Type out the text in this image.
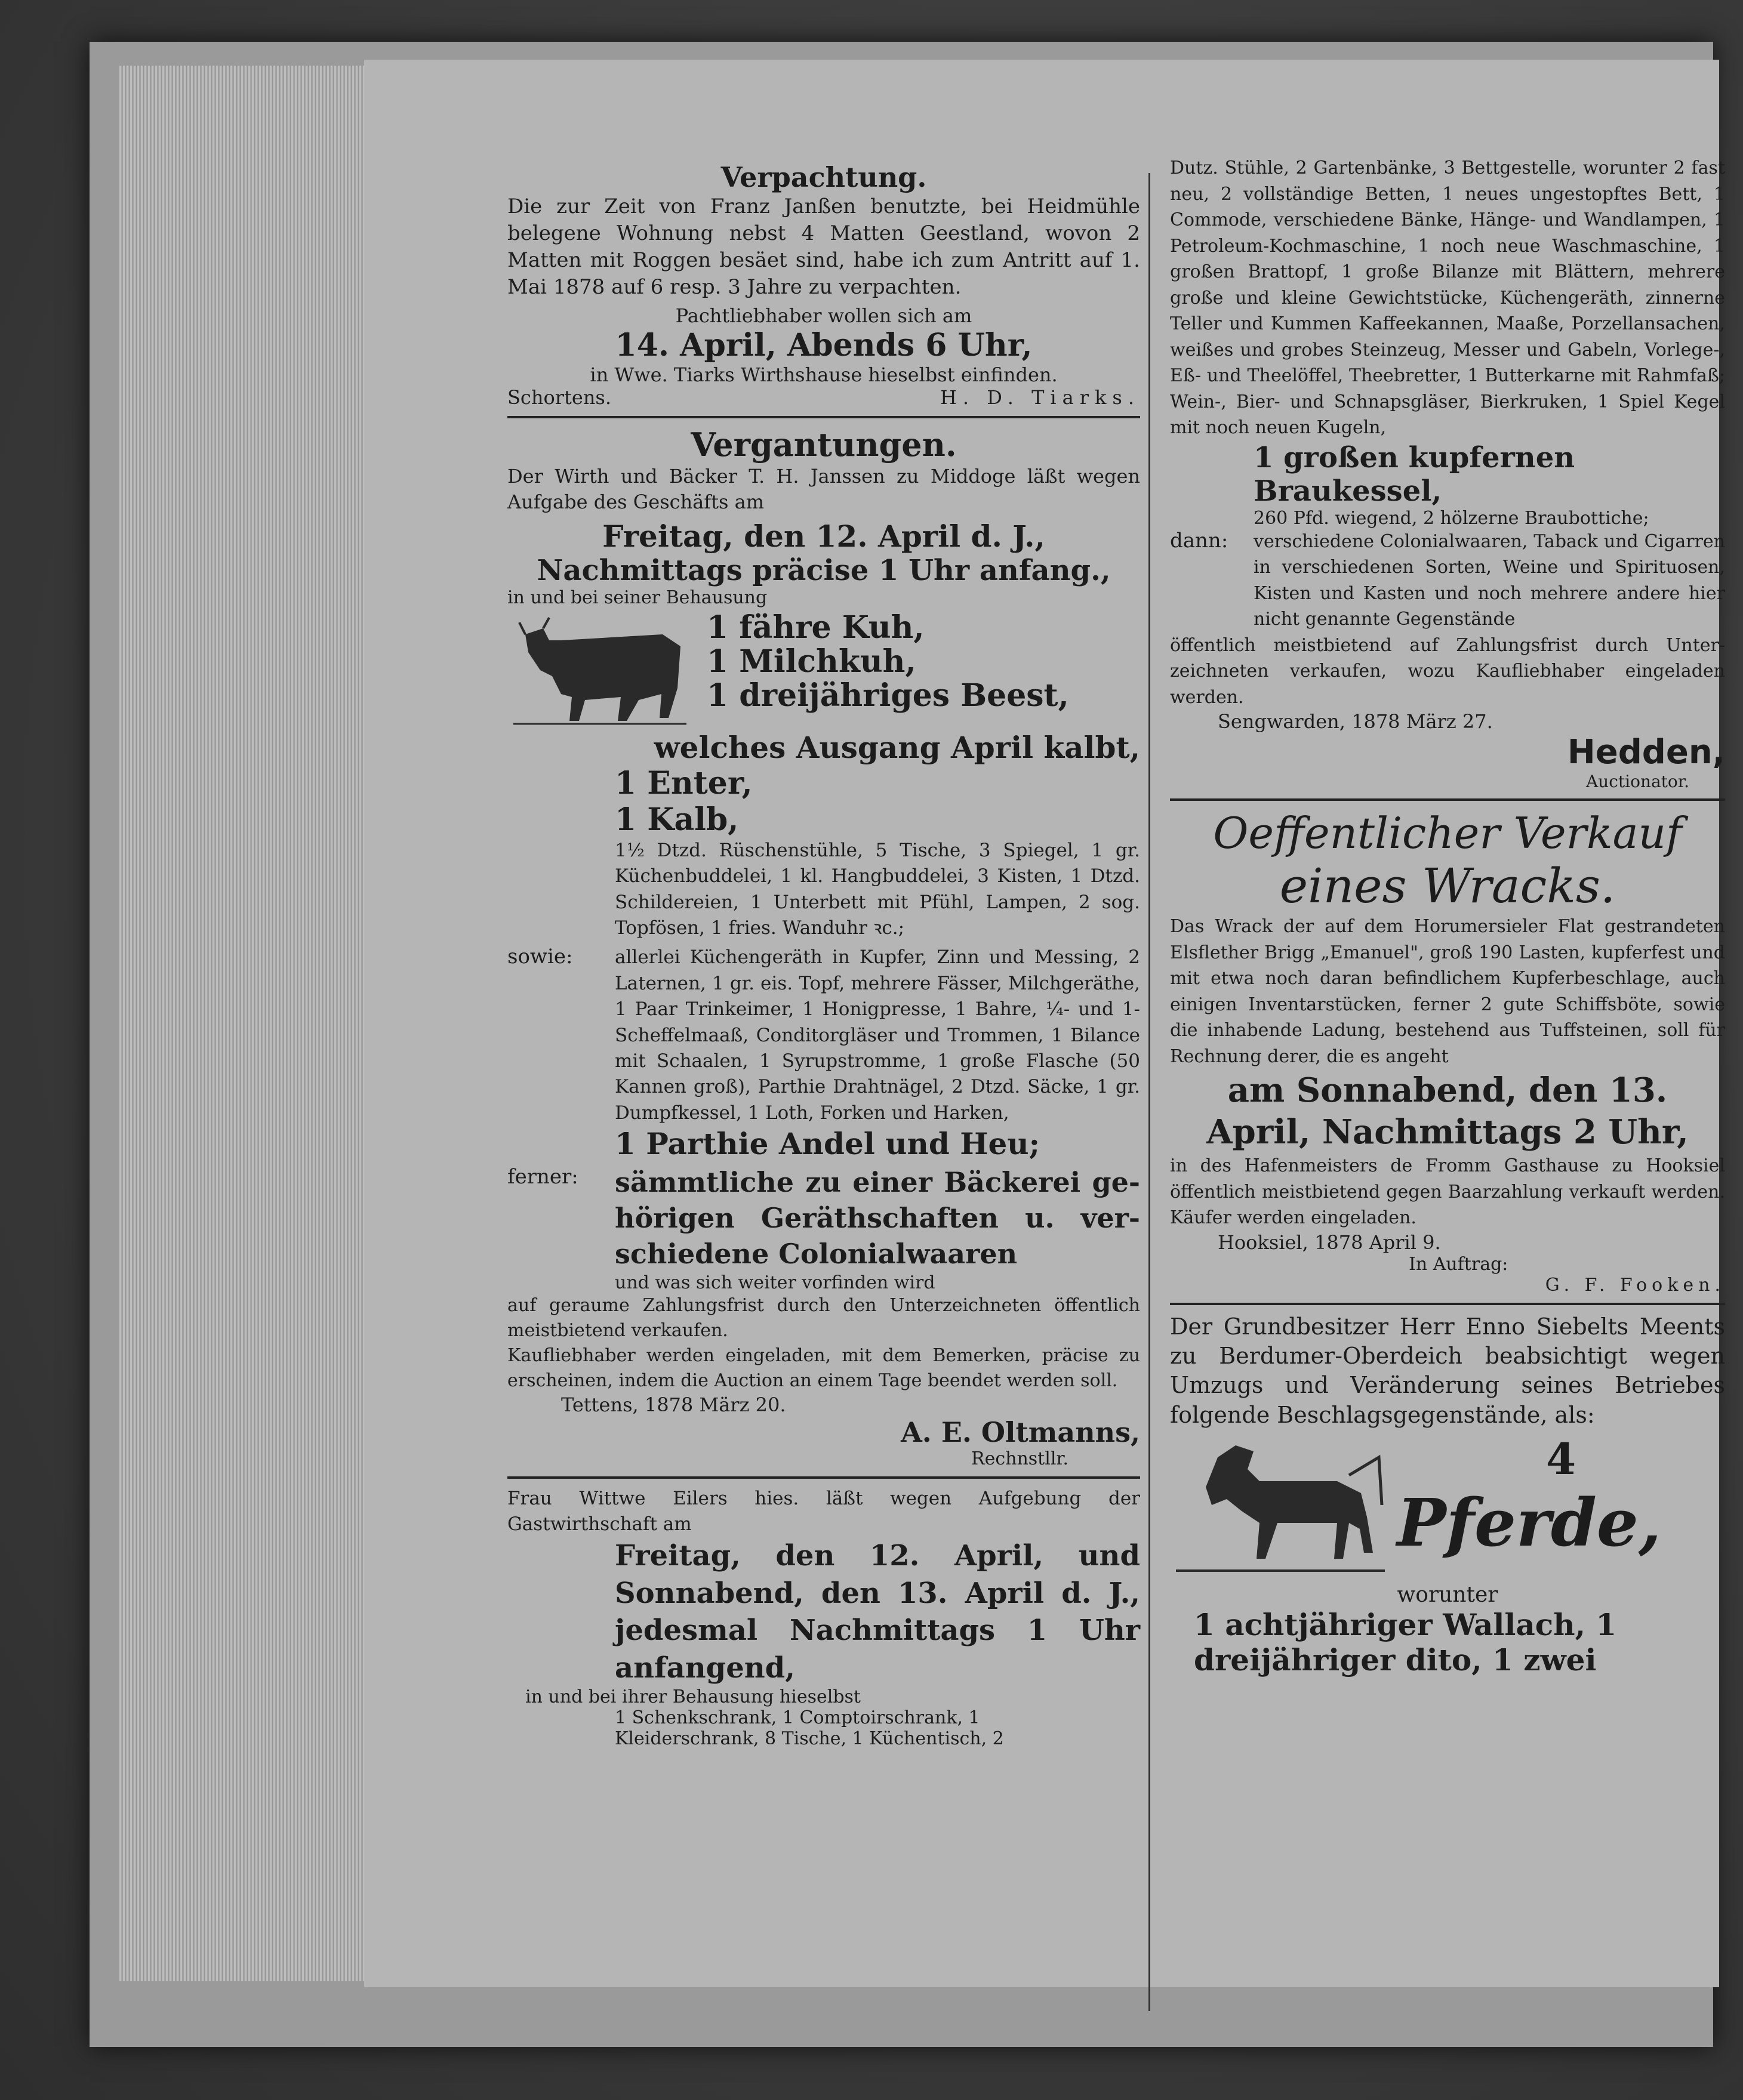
Verpachtung.

Die zur Zeit von Franz Janßen benutzte, bei Heidmühle belegene Wohnung nebst 4 Matten Geestland, wovon 2 Matten mit Roggen besäet sind, habe ich zum Antritt auf 1. Mai 1878 auf 6 resp. 3 Jahre zu verpachten.

Pachtliebhaber wollen sich am

14. April, Abends 6 Uhr,

in Wwe. Tiarks Wirthshause hieselbst einfinden.

Schortens.	H. D. Tiarks.

Vergantungen.

Der Wirth und Bäcker T. H. Janssen zu Middoge läßt wegen Aufgabe des Geschäfts am

Freitag, den 12. April d. J.,

Nachmittags präcise 1 Uhr anfang.,

in und bei seiner Behausung

1 fähre Kuh,

1 Milchkuh,

1 dreijähriges Beest,

welches Ausgang April kalbt,

1 Enter,

1 Kalb,

1½ Dtzd. Rüschenstühle, 5 Tische, 3 Spiegel, 1 gr. Küchenbuddelei, 1 kl. Hangbuddelei, 3 Kisten, 1 Dtzd. Schildereien, 1 Unterbett mit Pfühl, Lampen, 2 sog. Topfösen, 1 fries. Wanduhr ꝛc.;

sowie: allerlei Küchengeräth in Kupfer, Zinn und Messing, 2 Laternen, 1 gr. eis. Topf, mehrere Fässer, Milchgeräthe, 1 Paar Trinkeimer, 1 Honigpresse, 1 Bahre, ¼- und 1- Scheffelmaaß, Conditorgläser und Trommen, 1 Bilance mit Schaalen, 1 Syrupstromme, 1 große Flasche (50 Kannen groß), Parthie Drahtnägel, 2 Dtzd. Säcke, 1 gr. Dumpfkessel, 1 Loth, Forken und Harken,

1 Parthie Andel und Heu;

ferner: sämmtliche zu einer Bäckerei gehörigen Geräthschaften u. verschiedene Colonialwaaren

und was sich weiter vorfinden wird

auf geraume Zahlungsfrist durch den Unterzeichneten öffentlich meistbietend verkaufen.

Kaufliebhaber werden eingeladen, mit dem Bemerken, präcise zu erscheinen, indem die Auction an einem Tage beendet werden soll.

Tettens, 1878 März 20.

A. E. Oltmanns,

Rechnstllr.

Frau Wittwe Eilers hies. läßt wegen Aufgebung der Gastwirthschaft am

Freitag, den 12. April, und Sonnabend, den 13. April d. J., jedesmal Nachmittags 1 Uhr anfangend,

in und bei ihrer Behausung hieselbst

1 Schenkschrank, 1 Comptoirschrank, 1

Kleiderschrank, 8 Tische, 1 Küchentisch, 2

Dutz. Stühle, 2 Gartenbänke, 3 Bettgestelle, worunter 2 fast neu, 2 vollständige Betten, 1 neues ungestopftes Bett, 1 Commode, verschiedene Bänke, Hänge- und Wandlampen, 1 Petroleum-Kochmaschine, 1 noch neue Waschmaschine, 1 großen Brattopf, 1 große Bilanze mit Blättern, mehrere große und kleine Gewichtstücke, Küchengeräth, zinnerne Teller und Kummen Kaffeekannen, Maaße, Porzellansachen, weißes und grobes Steinzeug, Messer und Gabeln, Vorlege-, Eß- und Theelöffel, Theebretter, 1 Butterkarne mit Rahmfaß; Wein-, Bier- und Schnapsgläser, Bierkruken, 1 Spiel Kegel mit noch neuen Kugeln,

1 großen kupfernen Braukessel,

260 Pfd. wiegend, 2 hölzerne Braubottiche;

dann:	verschiedene Colonialwaaren, Taback und Cigarren in verschiedenen Sorten, Weine und Spirituosen, Kisten und Kasten und noch mehrere andere hier nicht genannte Gegenstände

öffentlich meistbietend auf Zahlungsfrist durch Unterzeichneten verkaufen, wozu Kaufliebhaber eingeladen werden.

Sengwarden, 1878 März 27.

Hedden,

Auctionator.

Oeffentlicher Verkauf

eines Wracks.

Das Wrack der auf dem Horumersieler Flat gestrandeten Elsflether Brigg „Emanuel", groß 190 Lasten, kupferfest und mit etwa noch daran befindlichem Kupferbeschlage, auch einigen Inventarstücken, ferner 2 gute Schiffsböte, sowie die inhabende Ladung, bestehend aus Tuffsteinen, soll für Rechnung derer, die es angeht

am Sonnabend, den 13. April, Nachmittags 2 Uhr,

in des Hafenmeisters de Fromm Gasthause zu Hooksiel öffentlich meistbietend gegen Baarzahlung verkauft werden. Käufer werden eingeladen.

Hooksiel, 1878 April 9.

In Auftrag:

G. F. Fooken.

Der Grundbesitzer Herr Enno Siebelts Meents zu Berdumer-Oberdeich beabsichtigt wegen Umzugs und Veränderung seines Betriebes folgende Beschlagsgegenstände, als:

4

Pferde,

worunter

1 achtjähriger Wallach, 1

dreijähriger dito, 1 zwei
